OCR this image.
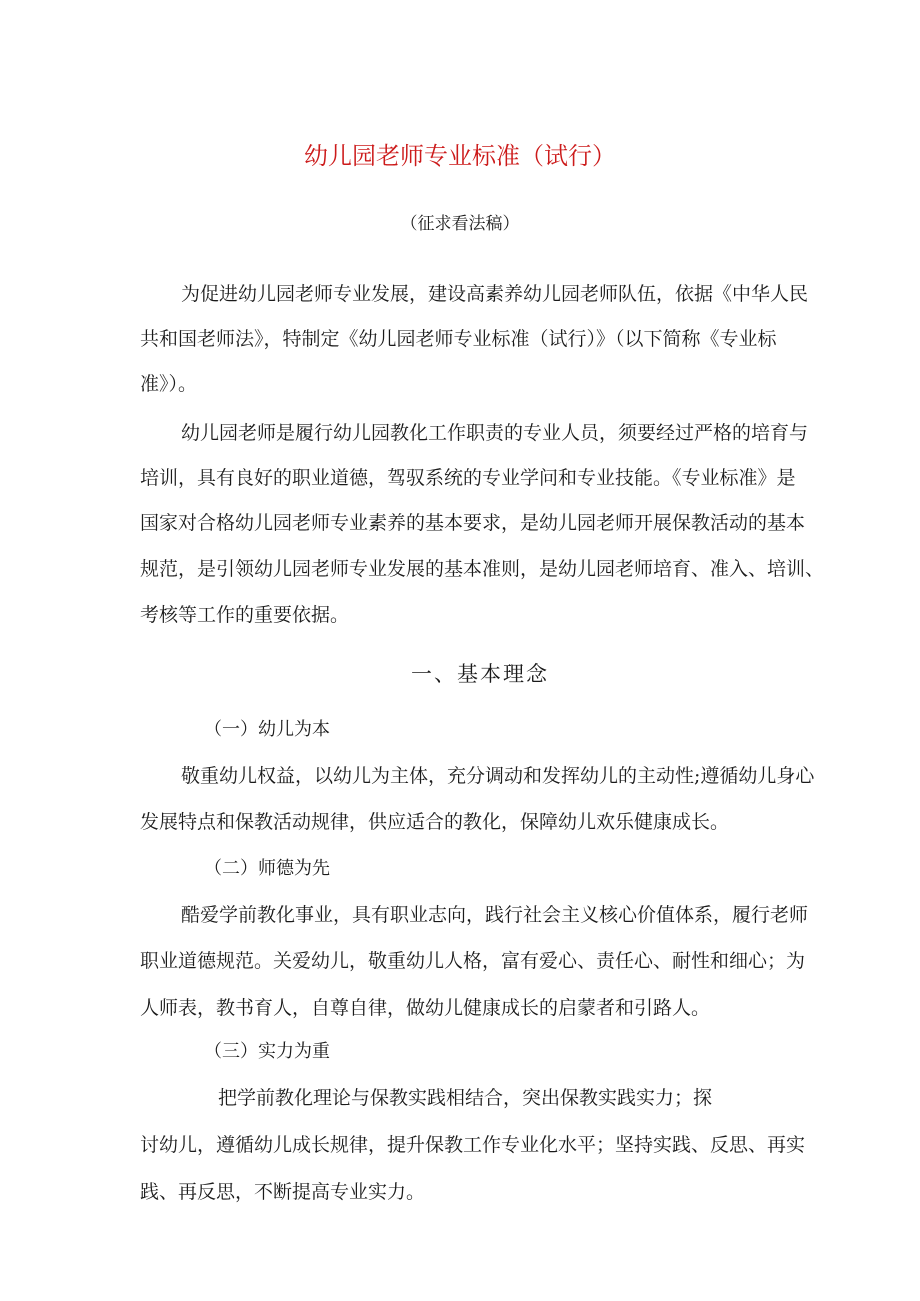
幼儿园老师专业标准（试行）
（征求看法稿）
为促进幼儿园老师专业发展，建设高素养幼儿园老师队伍，依据《中华人民
共和国老师法》，特制定《幼儿园老师专业标准（试行）》（以下简称《专业标
准》）。
幼儿园老师是履行幼儿园教化工作职责的专业人员，须要经过严格的培育与
培训，具有良好的职业道德，驾驭系统的专业学问和专业技能。《专业标准》是
国家对合格幼儿园老师专业素养的基本要求，是幼儿园老师开展保教活动的基本
规范，是引领幼儿园老师专业发展的基本准则，是幼儿园老师培育、准入、培训、
考核等工作的重要依据。
一、基本理念
（一）幼儿为本
敬重幼儿权益，以幼儿为主体，充分调动和发挥幼儿的主动性;遵循幼儿身心
发展特点和保教活动规律，供应适合的教化，保障幼儿欢乐健康成长。
（二）师德为先
酷爱学前教化事业，具有职业志向，践行社会主义核心价值体系，履行老师
职业道德规范。关爱幼儿，敬重幼儿人格，富有爱心、责任心、耐性和细心；为
人师表，教书育人，自尊自律，做幼儿健康成长的启蒙者和引路人。
（三）实力为重
把学前教化理论与保教实践相结合，突出保教实践实力；探
讨幼儿，遵循幼儿成长规律，提升保教工作专业化水平；坚持实践、反思、再实
践、再反思，不断提高专业实力。
